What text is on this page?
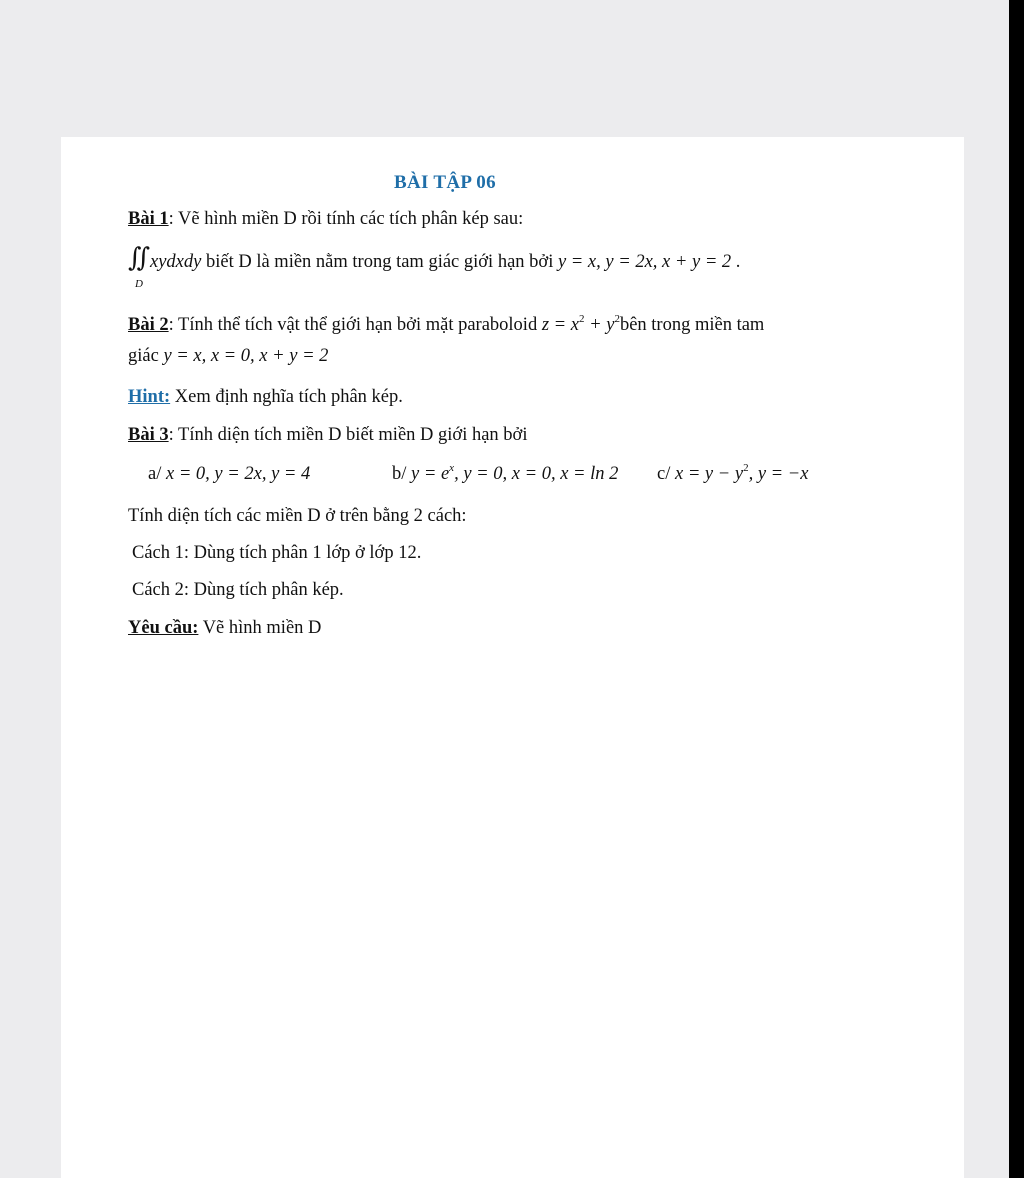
BÀI TẬP 06
Bài 1: Vẽ hình miền D rồi tính các tích phân kép sau:
∬
D
xydxdy biết D là miền nằm trong tam giác giới hạn bởi y = x, y = 2x, x + y = 2 .
Bài 2: Tính thể tích vật thể giới hạn bởi mặt paraboloid $z = x^2$ + $y^2bên$ trong miền tam
giác y = x, x = 0, x + y = 2
Hint: Xem định nghĩa tích phân kép.
Bài 3: Tính diện tích miền D biết miền D giới hạn bởi
a/ x = 0, y = 2x, y = 4	b/ $y = e^x$, y = 0, x = 0, x = ln 2 c/ $x = y - y^2$, y = −x
Tính diện tích các miền D ở trên bằng 2 cách:
Cách 1: Dùng tích phân 1 lớp ở lớp 12.
Cách 2: Dùng tích phân kép.
Yêu cầu: Vẽ hình miền D
